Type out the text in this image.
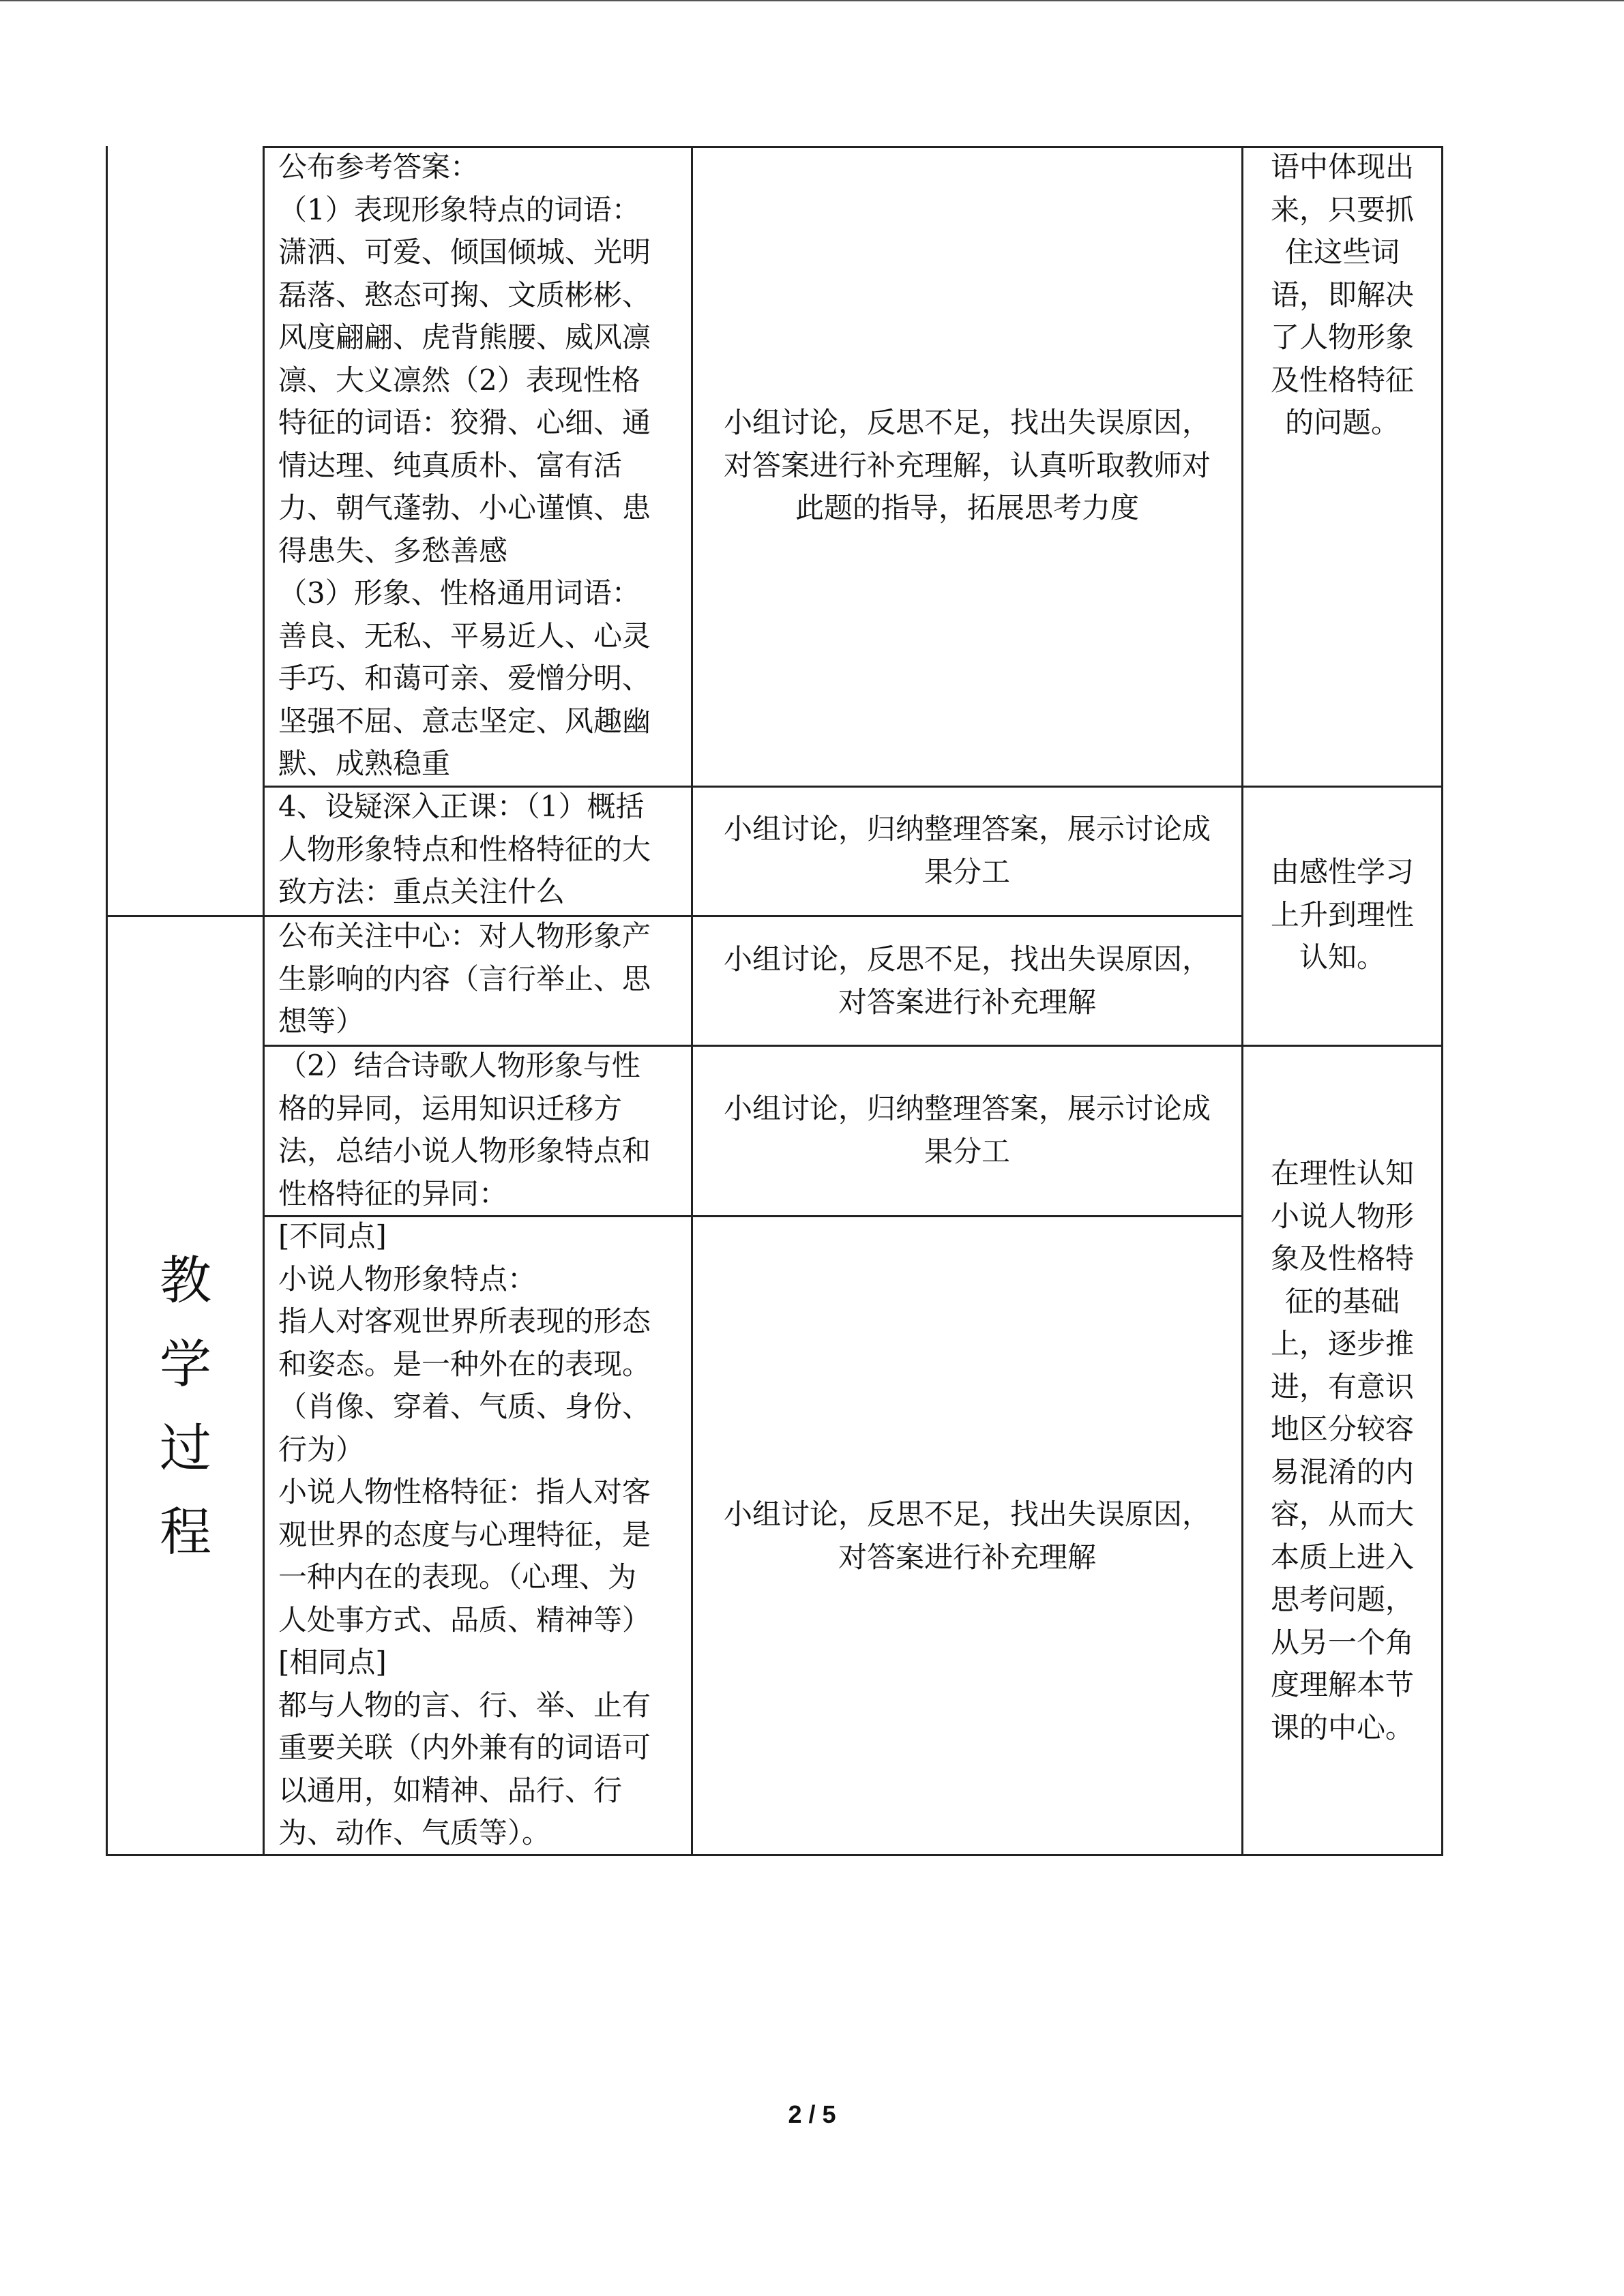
教
学
过
程
公布参考答案：
（1）表现形象特点的词语：
潇洒、可爱、倾国倾城、光明
磊落、憨态可掬、文质彬彬、
风度翩翩、虎背熊腰、威风凛
凛、大义凛然（2）表现性格
特征的词语：狡猾、心细、通
情达理、纯真质朴、富有活
力、朝气蓬勃、小心谨慎、患
得患失、多愁善感
（3）形象、性格通用词语：
善良、无私、平易近人、心灵
手巧、和蔼可亲、爱憎分明、
坚强不屈、意志坚定、风趣幽
默、成熟稳重
小组讨论，反思不足，找出失误原因，
对答案进行补充理解，认真听取教师对
此题的指导，拓展思考力度
语中体现出
来，只要抓
住这些词
语，即解决
了人物形象
及性格特征
的问题。
4、设疑深入正课：（1）概括
人物形象特点和性格特征的大
致方法：重点关注什么
小组讨论，归纳整理答案，展示讨论成
果分工	由感性学习
上升到理性
认知。
公布关注中心：对人物形象产
生影响的内容（言行举止、思
想等）
小组讨论，反思不足，找出失误原因，
对答案进行补充理解
（2）结合诗歌人物形象与性
格的异同，运用知识迁移方
法，总结小说人物形象特点和
性格特征的异同：
小组讨论，归纳整理答案，展示讨论成
果分工
[不同点]
小说人物形象特点：
指人对客观世界所表现的形态
和姿态。是一种外在的表现。
（肖像、穿着、气质、身份、
行为）
小说人物性格特征：指人对客
观世界的态度与心理特征，是
一种内在的表现。（心理、为
人处事方式、品质、精神等）
[相同点]
都与人物的言、行、举、止有
重要关联（内外兼有的词语可
以通用，如精神、品行、行
为、动作、气质等）。
小组讨论，反思不足，找出失误原因，
对答案进行补充理解
在理性认知
小说人物形
象及性格特
征的基础
上，逐步推
进，有意识
地区分较容
易混淆的内
容，从而大
本质上进入
思考问题，
从另一个角
度理解本节
课的中心。
2 / 5
